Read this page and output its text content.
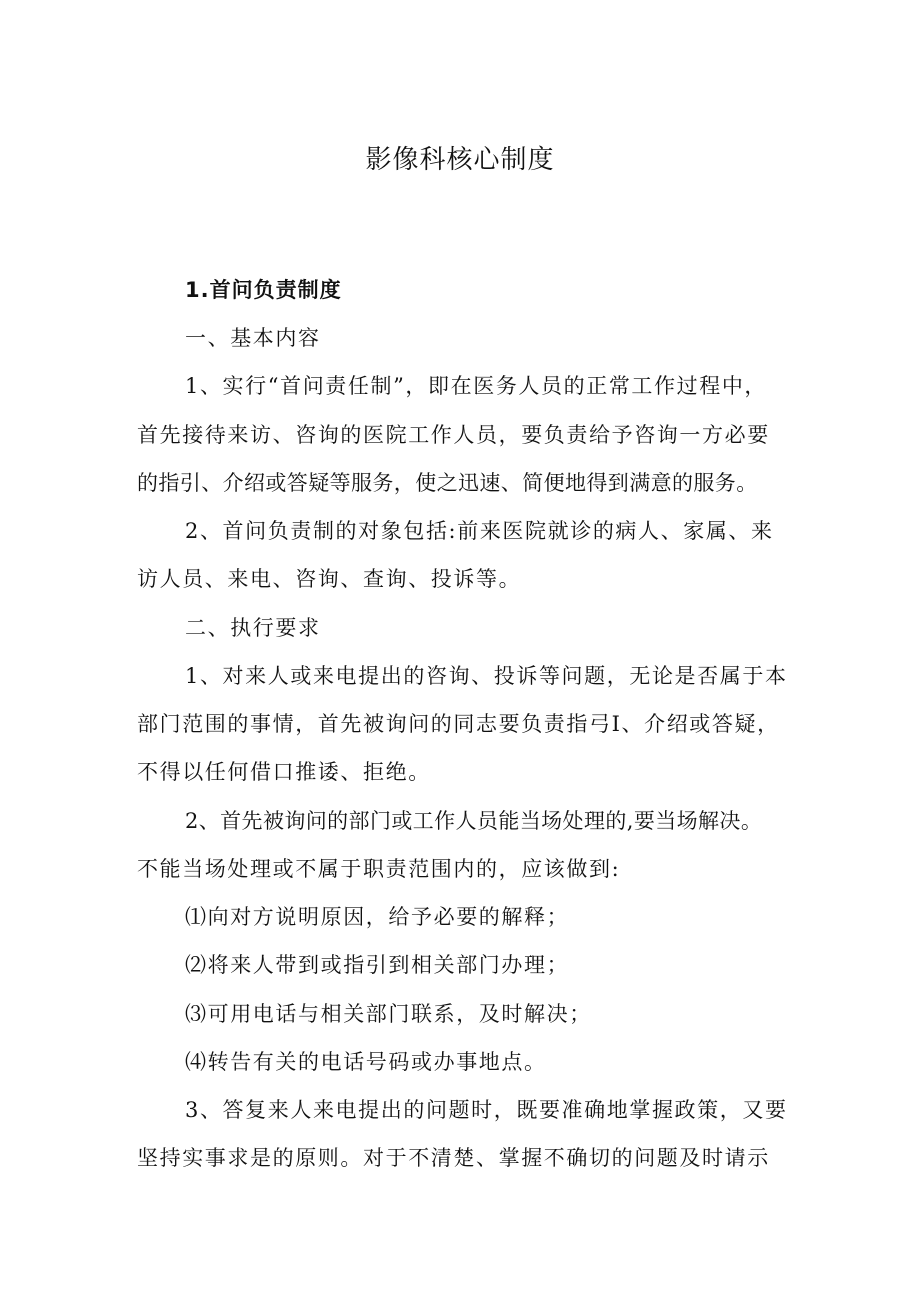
影像科核心制度
1.首问负责制度
一、基本内容
1、实行“首问责任制”，即在医务人员的正常工作过程中，
首先接待来访、咨询的医院工作人员，要负责给予咨询一方必要
的指引、介绍或答疑等服务，使之迅速、简便地得到满意的服务。
2、首问负责制的对象包括:前来医院就诊的病人、家属、来
访人员、来电、咨询、查询、投诉等。
二、执行要求
1、对来人或来电提出的咨询、投诉等问题，无论是否属于本
部门范围的事情，首先被询问的同志要负责指弓I、介绍或答疑，
不得以任何借口推诿、拒绝。
2、首先被询问的部门或工作人员能当场处理的,要当场解决。
不能当场处理或不属于职责范围内的，应该做到:
⑴向对方说明原因，给予必要的解释；
⑵将来人带到或指引到相关部门办理；
⑶可用电话与相关部门联系，及时解决；
⑷转告有关的电话号码或办事地点。
3、答复来人来电提出的问题时，既要准确地掌握政策，又要
坚持实事求是的原则。对于不清楚、掌握不确切的问题及时请示
